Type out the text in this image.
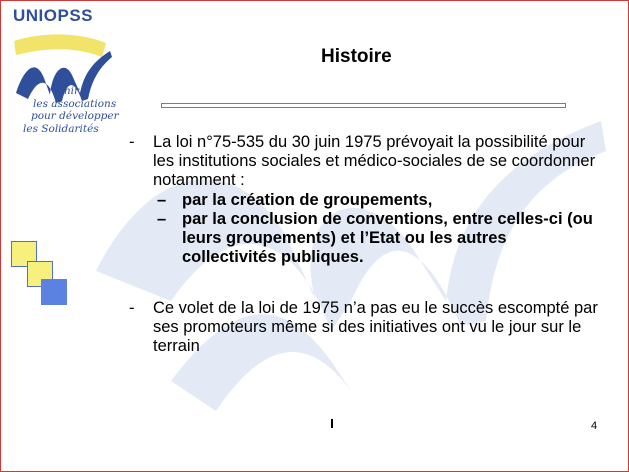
UNIOPSS
Unir
les associations
pour développer
les Solidarités
Histoire
- La loi n°75-535 du 30 juin 1975 prévoyait la possibilité pour les institutions sociales et médico-sociales de se coordonner notamment :
– par la création de groupements,
– par la conclusion de conventions, entre celles-ci (ou leurs groupements) et l’Etat ou les autres collectivités publiques.
- Ce volet de la loi de 1975 n’a pas eu le succès escompté par ses promoteurs même si des initiatives ont vu le jour sur le terrain
4
